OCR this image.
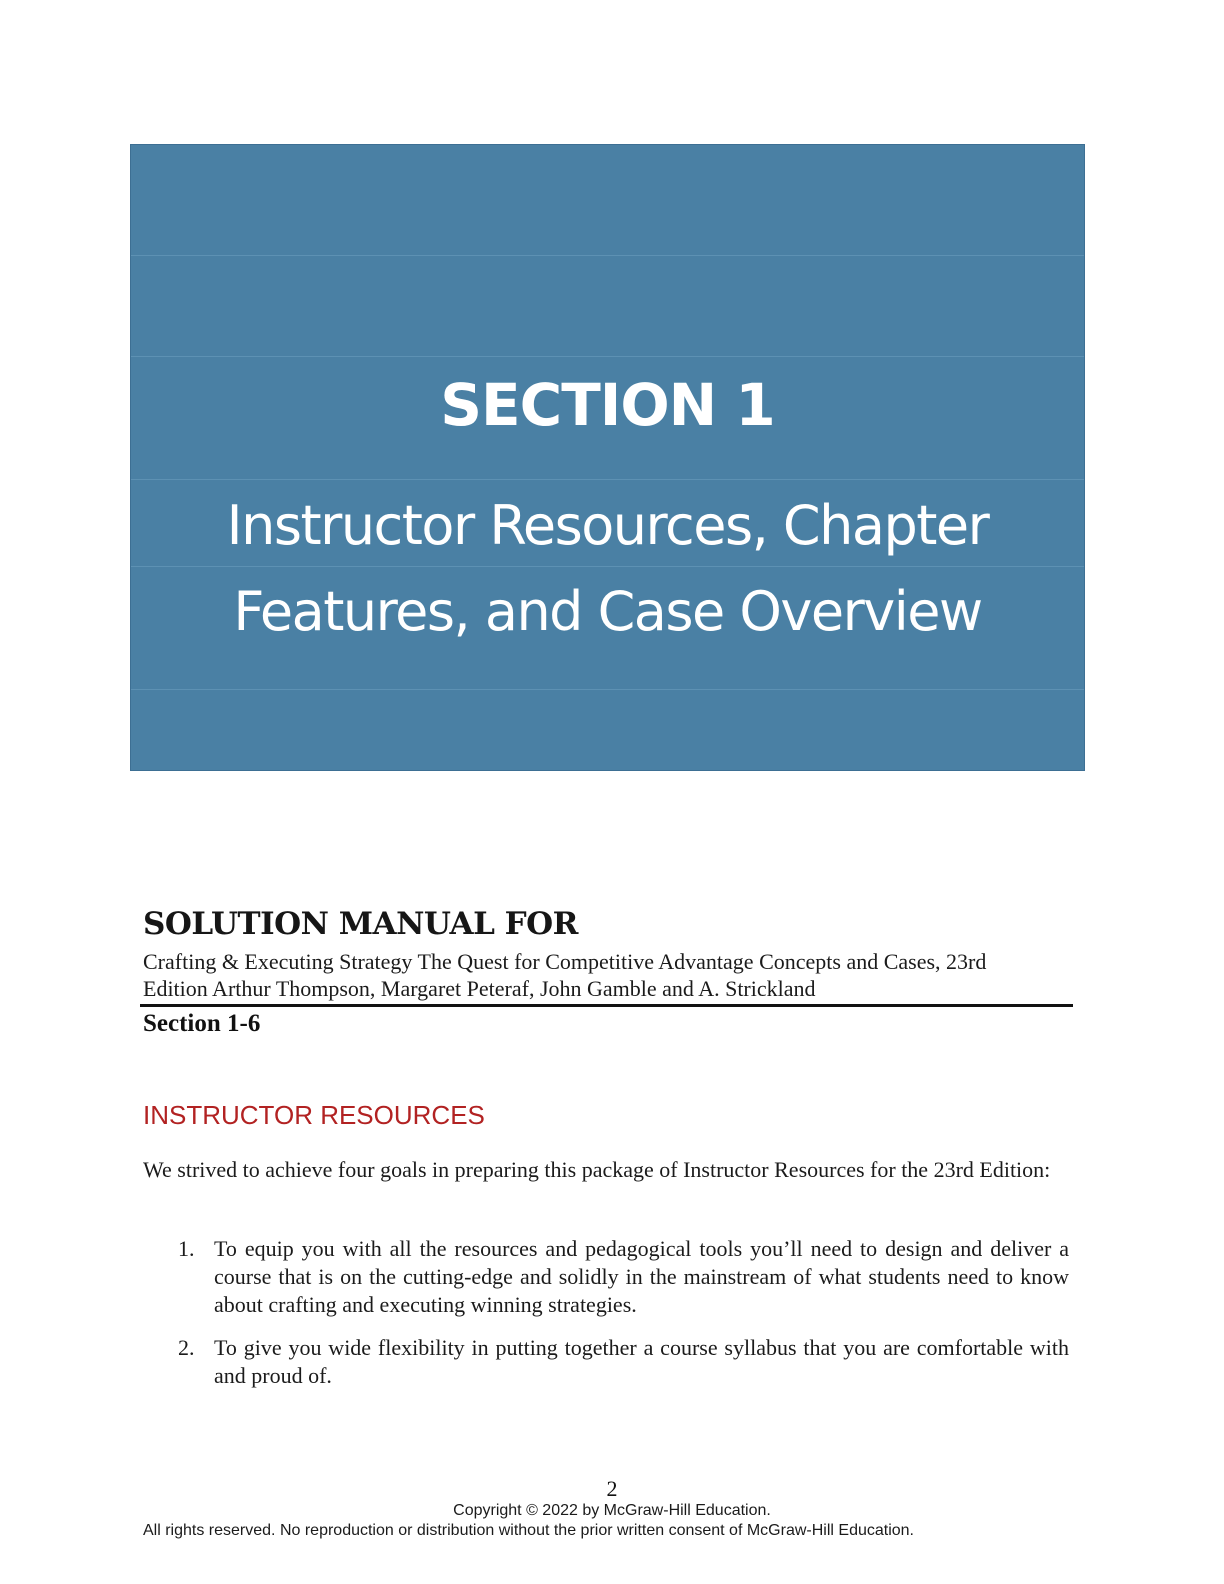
SECTION 1
Instructor Resources, Chapter
Features, and Case Overview
SOLUTION MANUAL FOR
Crafting & Executing Strategy The Quest for Competitive Advantage Concepts and Cases, 23rd
Edition Arthur Thompson, Margaret Peteraf, John Gamble and A. Strickland
Section 1-6
INSTRUCTOR RESOURCES
We strived to achieve four goals in preparing this package of Instructor Resources for the 23rd Edition:
1. To equip you with all the resources and pedagogical tools you’ll need to design and deliver a course that is on the cutting-edge and solidly in the mainstream of what students need to know about crafting and executing winning strategies.
2. To give you wide flexibility in putting together a course syllabus that you are comfortable with and proud of.
2
Copyright © 2022 by McGraw-Hill Education.
All rights reserved. No reproduction or distribution without the prior written consent of McGraw-Hill Education.
